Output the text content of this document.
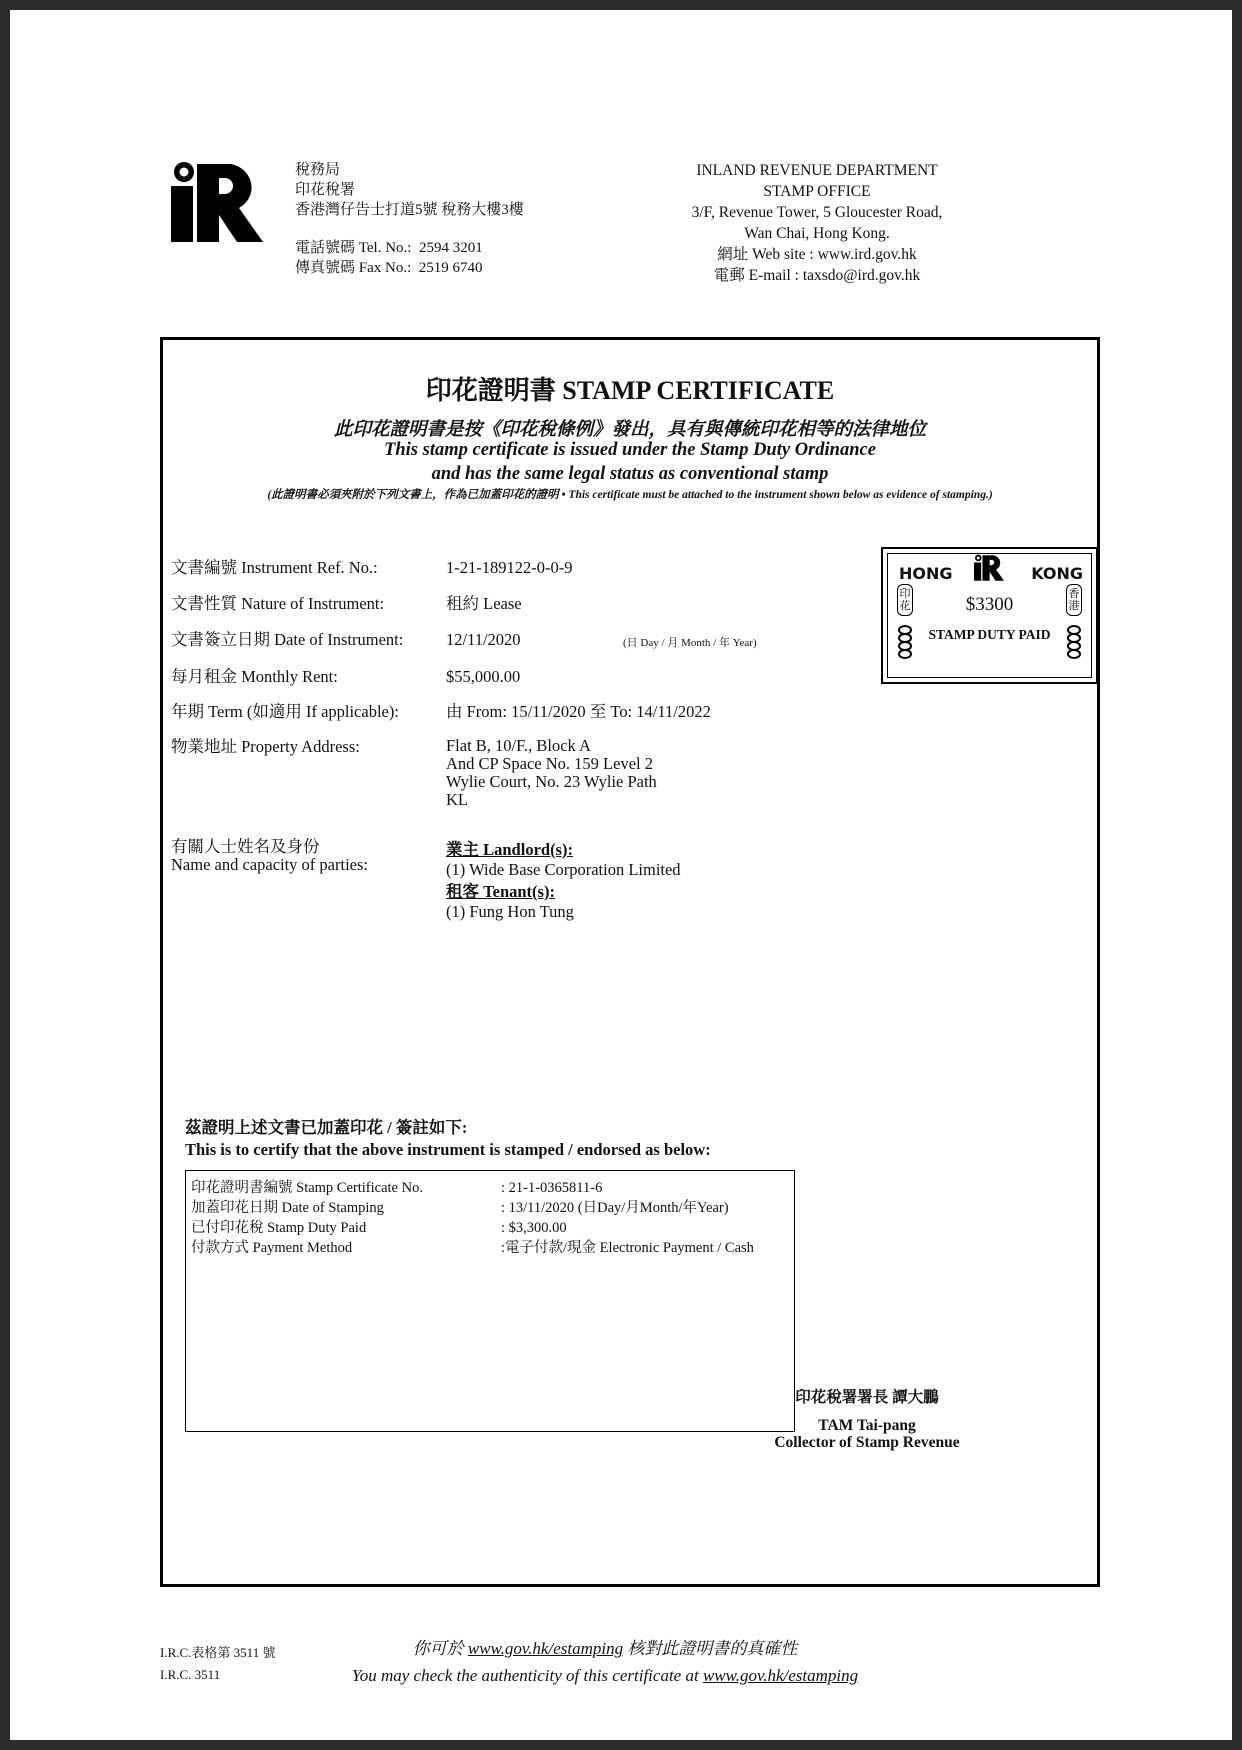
稅務局
印花稅署
香港灣仔告士打道5號 稅務大樓3樓
電話號碼 Tel. No.: 2594 3201
傳真號碼 Fax No.: 2519 6740
INLAND REVENUE DEPARTMENT
STAMP OFFICE
3/F, Revenue Tower, 5 Gloucester Road,
Wan Chai, Hong Kong.
網址 Web site : www.ird.gov.hk
電郵 E-mail : taxsdo@ird.gov.hk
印花證明書 STAMP CERTIFICATE
此印花證明書是按《印花稅條例》發出，具有與傳統印花相等的法律地位
This stamp certificate is issued under the Stamp Duty Ordinance
and has the same legal status as conventional stamp
(此證明書必須夾附於下列文書上，作為已加蓋印花的證明 • This certificate must be attached to the instrument shown below as evidence of stamping.)
文書編號 Instrument Ref. No.:	1-21-189122-0-0-9
文書性質 Nature of Instrument:	租約 Lease
文書簽立日期 Date of Instrument:	12/11/2020	(日 Day / 月 Month / 年 Year)
每月租金 Monthly Rent:	$55,000.00
年期 Term (如適用 If applicable):	由 From: 15/11/2020 至 To: 14/11/2022
物業地址 Property Address:	Flat B, 10/F., Block A
And CP Space No. 159 Level 2
Wylie Court, No. 23 Wylie Path
KL
有關人士姓名及身份
Name and capacity of parties:
業主 Landlord(s):
(1) Wide Base Corporation Limited
租客 Tenant(s):
(1) Fung Hon Tung
HONG	KONG
印花
香港
$3300
STAMP DUTY PAID
茲證明上述文書已加蓋印花 / 簽註如下:
This is to certify that the above instrument is stamped / endorsed as below:
印花證明書編號 Stamp Certificate No.	: 21-1-0365811-6
加蓋印花日期 Date of Stamping	: 13/11/2020 (日Day/月Month/年Year)
已付印花稅 Stamp Duty Paid	: $3,300.00
付款方式 Payment Method	:電子付款/現金 Electronic Payment / Cash
印花稅署署長 譚大鵬
TAM Tai-pang
Collector of Stamp Revenue
I.R.C.表格第 3511 號
I.R.C. 3511
你可於 www.gov.hk/estamping 核對此證明書的真確性
You may check the authenticity of this certificate at www.gov.hk/estamping
